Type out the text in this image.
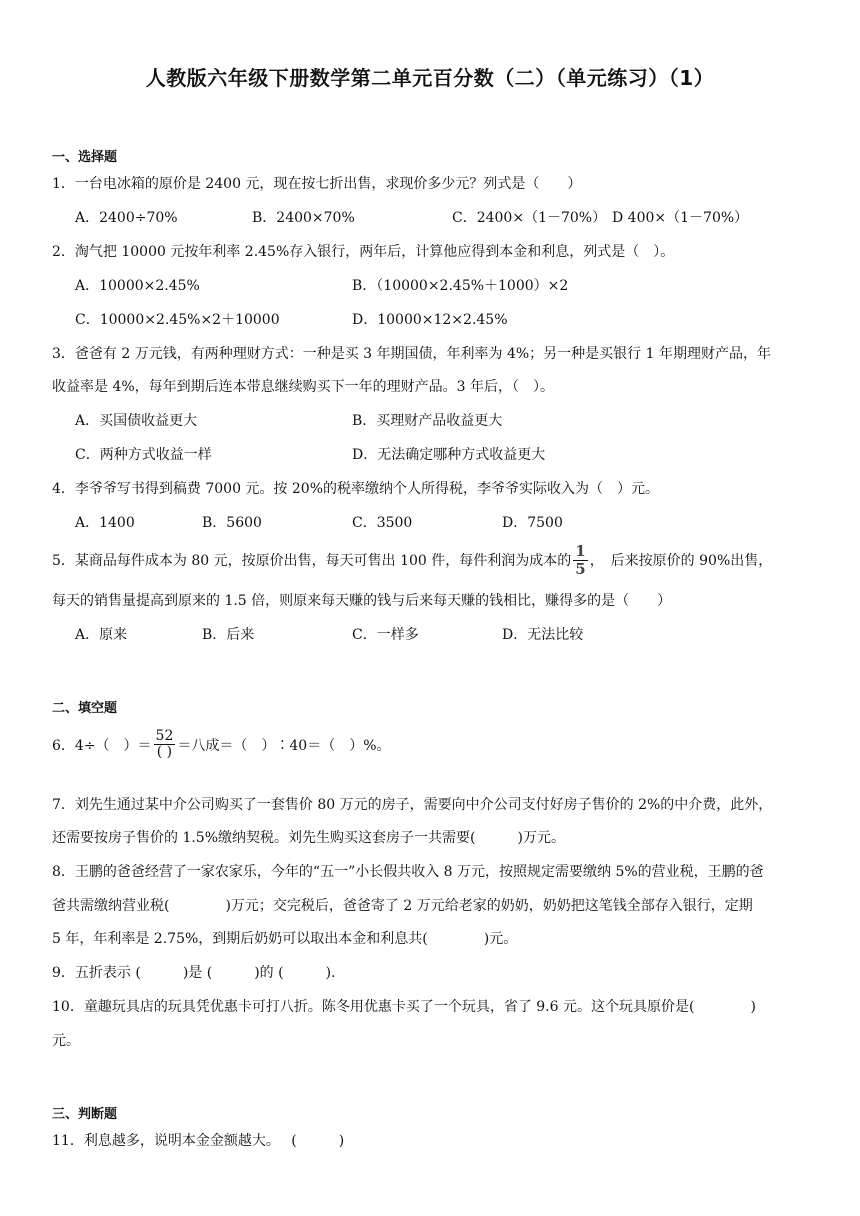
人教版六年级下册数学第二单元百分数（二）（单元练习）（1）
一、选择题
1．一台电冰箱的原价是 2400 元，现在按七折出售，求现价多少元？列式是（　　）
A．2400÷70%	B．2400×70%	C．2400×（1－70%） D 400×（1－70%）
2．淘气把 10000 元按年利率 2.45%存入银行，两年后，计算他应得到本金和利息，列式是（　）。
A．10000×2.45%	B．（10000×2.45%＋1000）×2
C．10000×2.45%×2＋10000	D．10000×12×2.45%
3．爸爸有 2 万元钱，有两种理财方式：一种是买 3 年期国债，年利率为 4%；另一种是买银行 1 年期理财产品，年
收益率是 4%，每年到期后连本带息继续购买下一年的理财产品。3 年后，（　）。
A．买国债收益更大	B．买理财产品收益更大
C．两种方式收益一样	D．无法确定哪种方式收益更大
4．李爷爷写书得到稿费 7000 元。按 20%的税率缴纳个人所得税，李爷爷实际收入为（　）元。
A．1400	B．5600	C．3500	D．7500
5．某商品每件成本为 80 元，按原价出售，每天可售出 100 件，每件利润为成本的 $\frac{1}{5}$ ，　后来按原价的 90%出售，
每天的销售量提高到原来的 1.5 倍，则原来每天赚的钱与后来每天赚的钱相比，赚得多的是（　　）
A．原来	B．后来	C．一样多	D．无法比较
二、填空题
6．4÷（　）＝ $\frac{52}{( )}$ ＝八成＝（　）∶40＝（　）%。
7．刘先生通过某中介公司购买了一套售价 80 万元的房子，需要向中介公司支付好房子售价的 2%的中介费，此外，
还需要按房子售价的 1.5%缴纳契税。刘先生购买这套房子一共需要(　　　)万元。
8．王鹏的爸爸经营了一家农家乐，今年的“五一”小长假共收入 8 万元，按照规定需要缴纳 5%的营业税，王鹏的爸
爸共需缴纳营业税(　　　　)万元；交完税后，爸爸寄了 2 万元给老家的奶奶，奶奶把这笔钱全部存入银行，定期
5 年，年利率是 2.75%，到期后奶奶可以取出本金和利息共(　　　　)元。
9．五折表示 (　　　)是 (　　　)的 (　　　).
10．童趣玩具店的玩具凭优惠卡可打八折。陈冬用优惠卡买了一个玩具，省了 9.6 元。这个玩具原价是(　　　　)
元。
三、判断题
11．利息越多，说明本金金额越大。　 (　　　)
